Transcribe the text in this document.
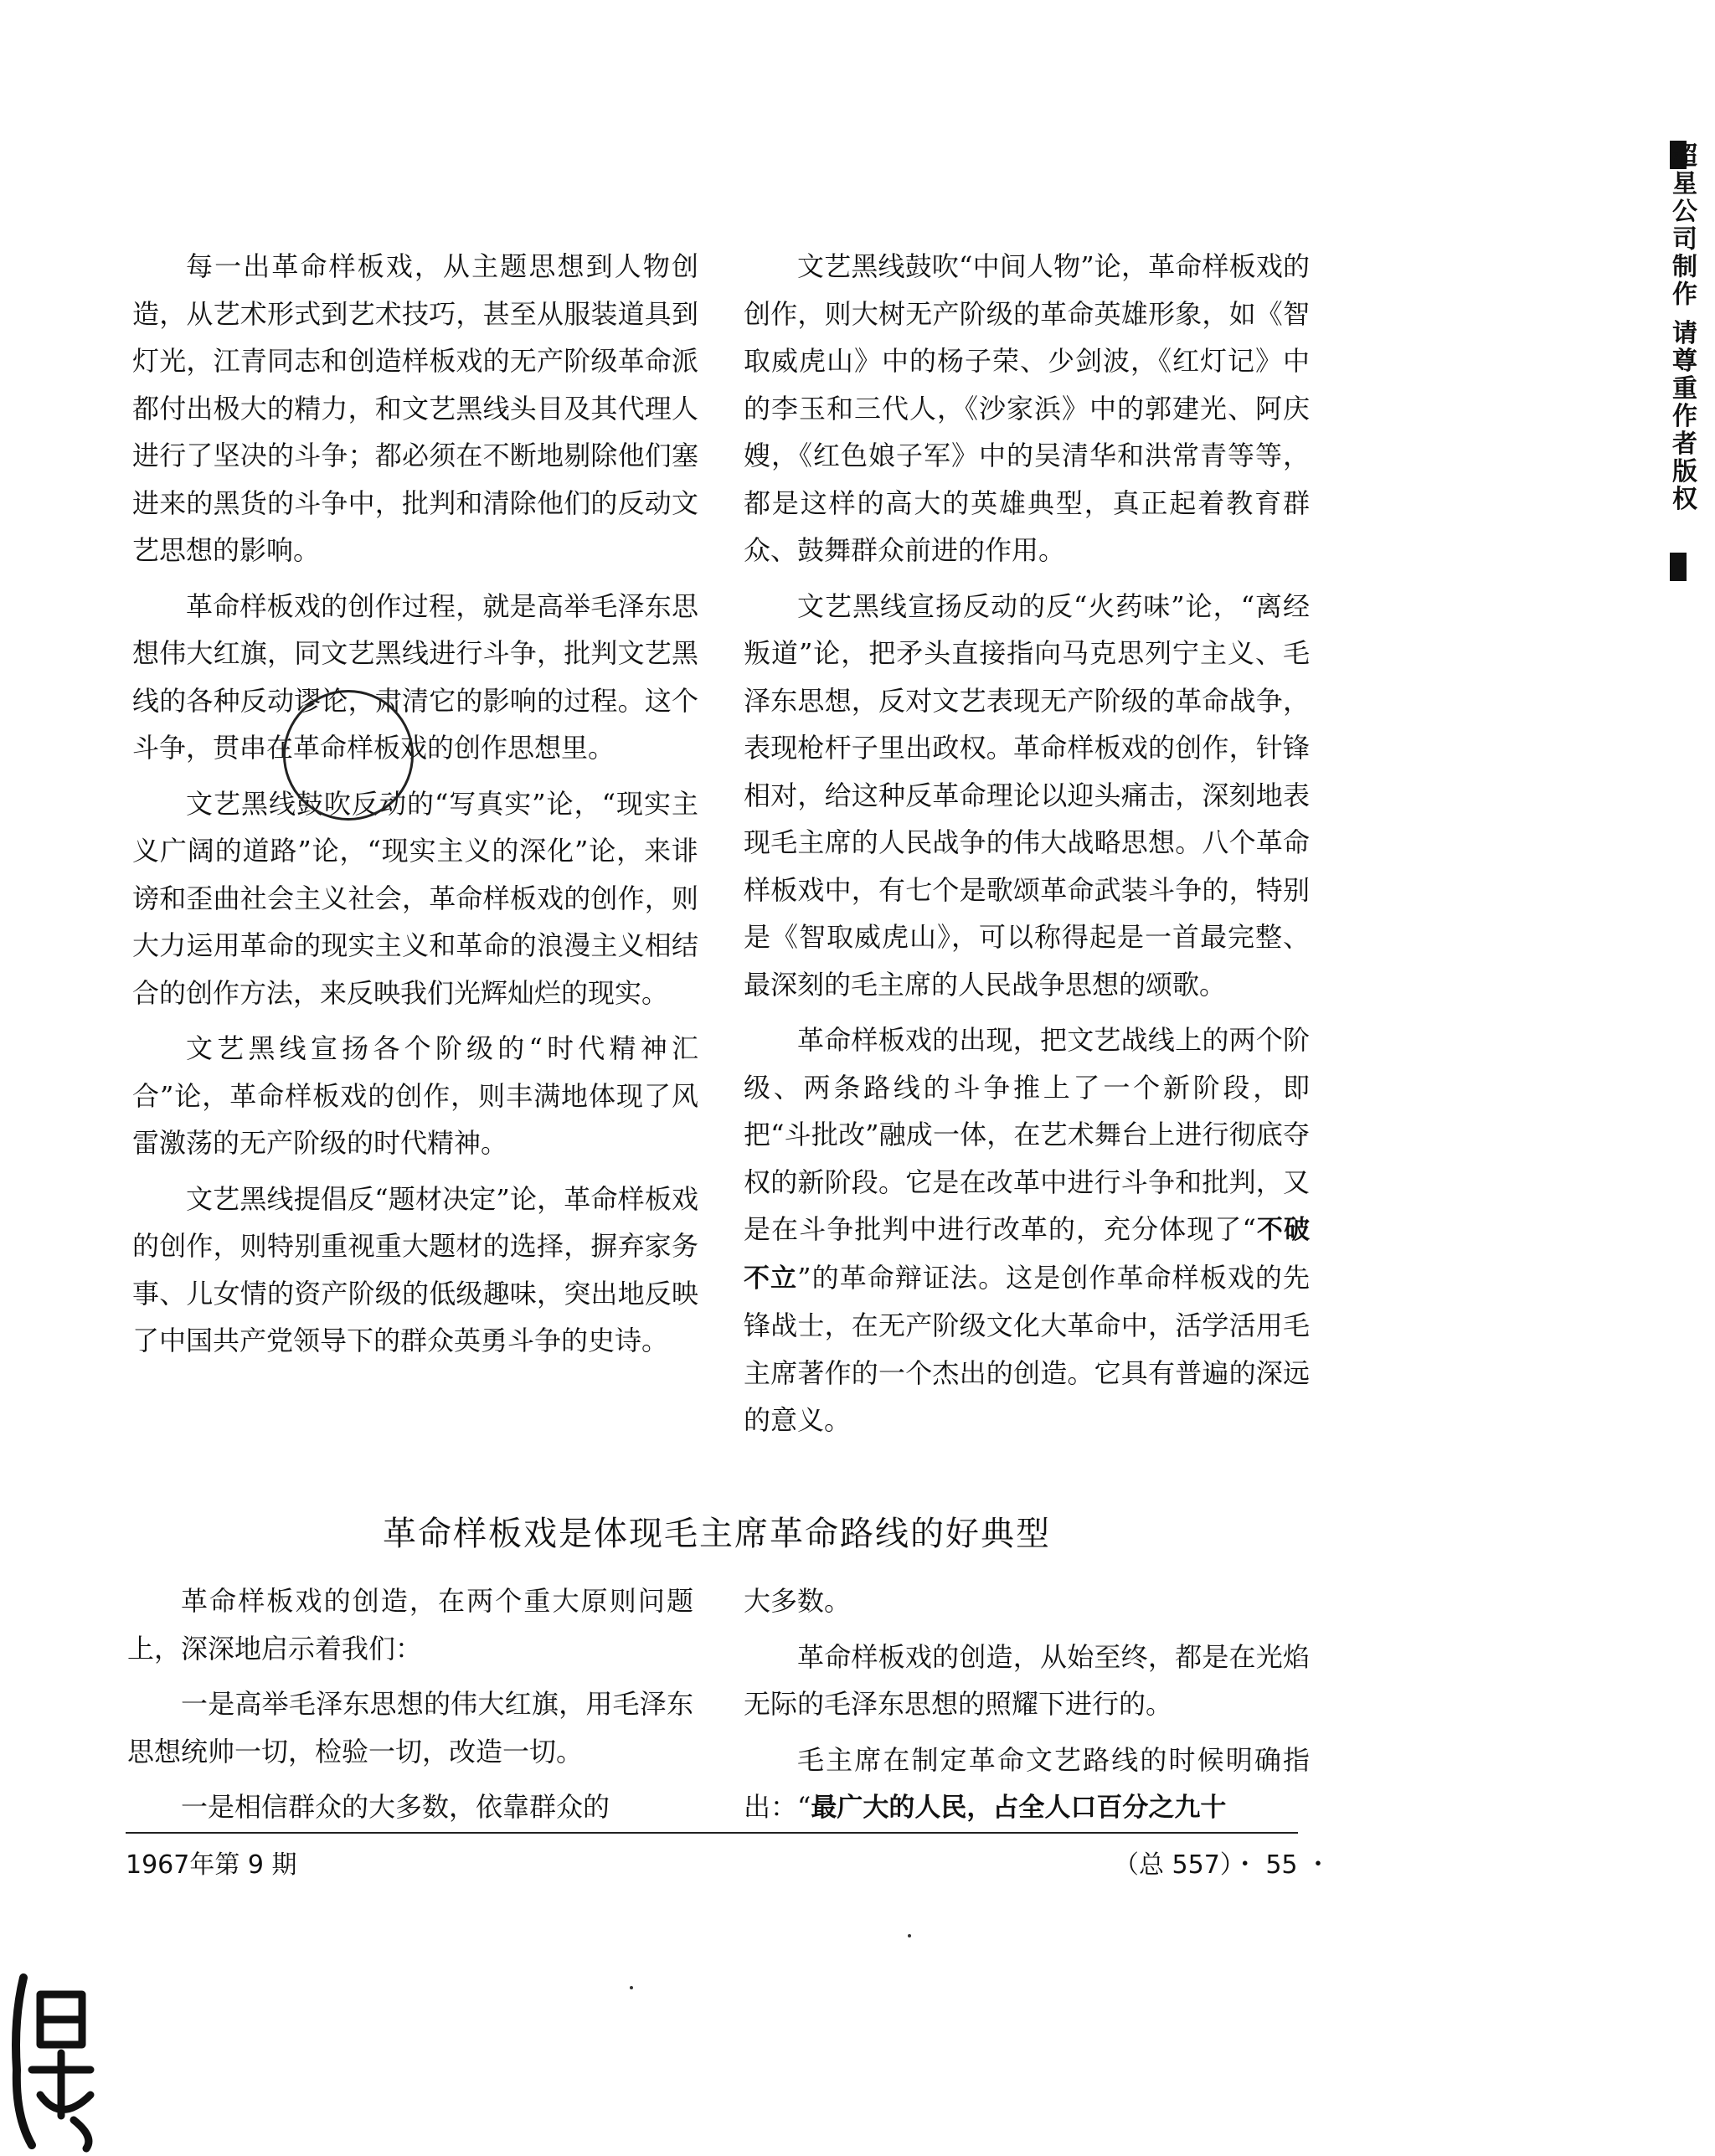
每一出革命样板戏，从主题思想到人物创造，从艺术形式到艺术技巧，甚至从服装道具到灯光，江青同志和创造样板戏的无产阶级革命派都付出极大的精力，和文艺黑线头目及其代理人进行了坚决的斗争；都必须在不断地剔除他们塞进来的黑货的斗争中，批判和清除他们的反动文艺思想的影响。

革命样板戏的创作过程，就是高举毛泽东思想伟大红旗，同文艺黑线进行斗争，批判文艺黑线的各种反动谬论，肃清它的影响的过程。这个斗争，贯串在革命样板戏的创作思想里。

文艺黑线鼓吹反动的“写真实”论，“现实主义广阔的道路”论，“现实主义的深化”论，来诽谤和歪曲社会主义社会，革命样板戏的创作，则大力运用革命的现实主义和革命的浪漫主义相结合的创作方法，来反映我们光辉灿烂的现实。

文艺黑线宣扬各个阶级的“时代精神汇合”论，革命样板戏的创作，则丰满地体现了风雷激荡的无产阶级的时代精神。

文艺黑线提倡反“题材决定”论，革命样板戏的创作，则特别重视重大题材的选择，摒弃家务事、儿女情的资产阶级的低级趣味，突出地反映了中国共产党领导下的群众英勇斗争的史诗。

文艺黑线鼓吹“中间人物”论，革命样板戏的创作，则大树无产阶级的革命英雄形象，如《智取威虎山》中的杨子荣、少剑波，《红灯记》中的李玉和三代人，《沙家浜》中的郭建光、阿庆嫂，《红色娘子军》中的吴清华和洪常青等等，都是这样的高大的英雄典型，真正起着教育群众、鼓舞群众前进的作用。

文艺黑线宣扬反动的反“火药味”论，“离经叛道”论，把矛头直接指向马克思列宁主义、毛泽东思想，反对文艺表现无产阶级的革命战争，表现枪杆子里出政权。革命样板戏的创作，针锋相对，给这种反革命理论以迎头痛击，深刻地表现毛主席的人民战争的伟大战略思想。八个革命样板戏中，有七个是歌颂革命武装斗争的，特别是《智取威虎山》，可以称得起是一首最完整、最深刻的毛主席的人民战争思想的颂歌。

革命样板戏的出现，把文艺战线上的两个阶级、两条路线的斗争推上了一个新阶段，即把“斗批改”融成一体，在艺术舞台上进行彻底夺权的新阶段。它是在改革中进行斗争和批判，又是在斗争批判中进行改革的，充分体现了“不破不立”的革命辩证法。这是创作革命样板戏的先锋战士，在无产阶级文化大革命中，活学活用毛主席著作的一个杰出的创造。它具有普遍的深远的意义。

革命样板戏是体现毛主席革命路线的好典型

革命样板戏的创造，在两个重大原则问题上，深深地启示着我们：

一是高举毛泽东思想的伟大红旗，用毛泽东思想统帅一切，检验一切，改造一切。

一是相信群众的大多数，依靠群众的

大多数。

革命样板戏的创造，从始至终，都是在光焰无际的毛泽东思想的照耀下进行的。

毛主席在制定革命文艺路线的时候明确指出：“最广大的人民，占全人口百分之九十

1967年第 9 期	（总 557）・ 55 ・
超星公司制作 请尊重作者版权
